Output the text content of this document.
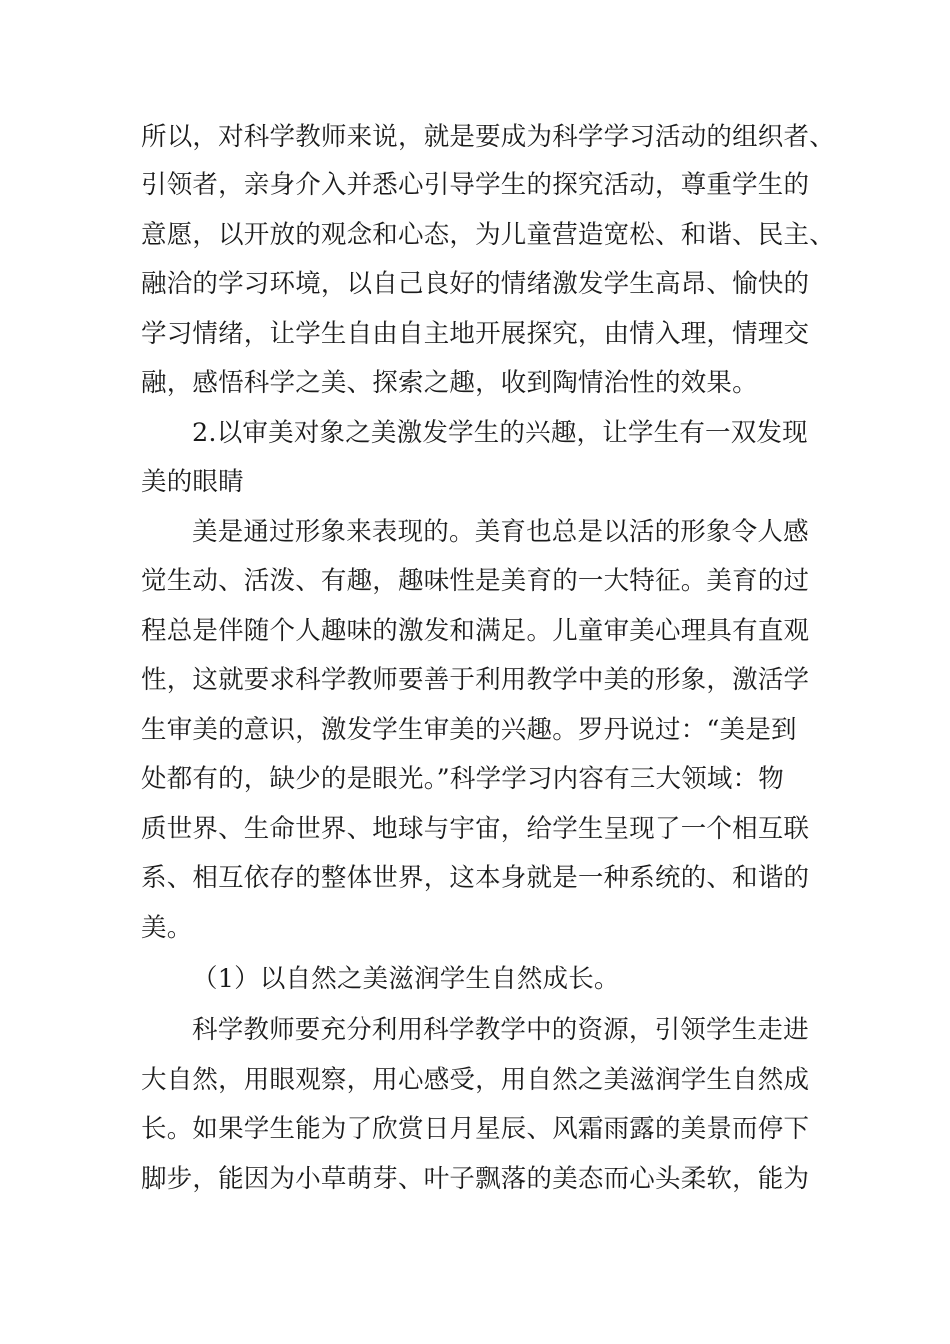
所以，对科学教师来说，就是要成为科学学习活动的组织者、
引领者，亲身介入并悉心引导学生的探究活动，尊重学生的
意愿，以开放的观念和心态，为儿童营造宽松、和谐、民主、
融洽的学习环境，以自己良好的情绪激发学生高昂、愉快的
学习情绪，让学生自由自主地开展探究，由情入理，情理交
融，感悟科学之美、探索之趣，收到陶情治性的效果。
2.以审美对象之美激发学生的兴趣，让学生有一双发现
美的眼睛
美是通过形象来表现的。美育也总是以活的形象令人感
觉生动、活泼、有趣，趣味性是美育的一大特征。美育的过
程总是伴随个人趣味的激发和满足。儿童审美心理具有直观
性，这就要求科学教师要善于利用教学中美的形象，激活学
生审美的意识，激发学生审美的兴趣。罗丹说过：“美是到
处都有的，缺少的是眼光。”科学学习内容有三大领域：物
质世界、生命世界、地球与宇宙，给学生呈现了一个相互联
系、相互依存的整体世界，这本身就是一种系统的、和谐的
美。
（1）以自然之美滋润学生自然成长。
科学教师要充分利用科学教学中的资源，引领学生走进
大自然，用眼观察，用心感受，用自然之美滋润学生自然成
长。如果学生能为了欣赏日月星辰、风霜雨露的美景而停下
脚步，能因为小草萌芽、叶子飘落的美态而心头柔软，能为
